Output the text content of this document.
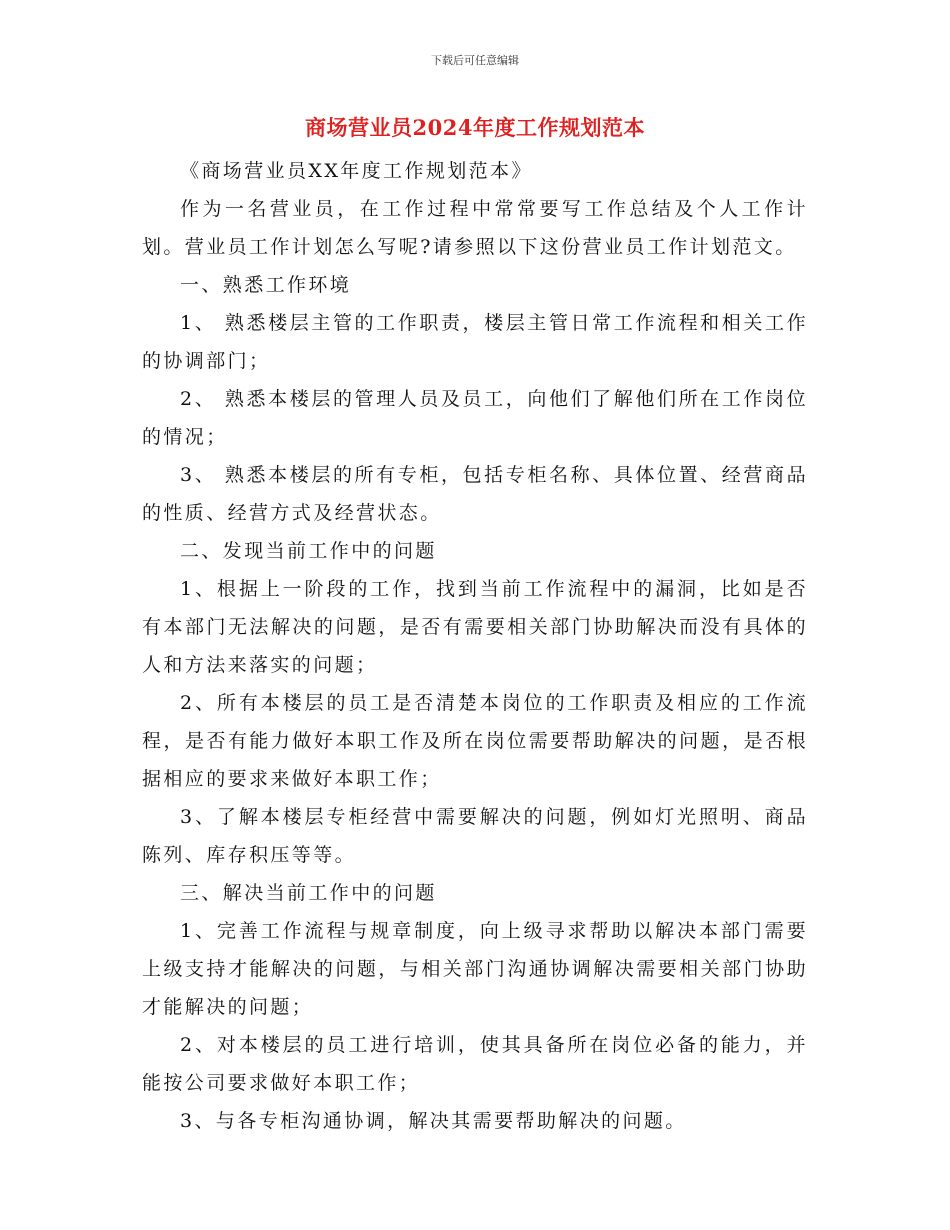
下载后可任意编辑
商场营业员2024年度工作规划范本

《商场营业员XX年度工作规划范本》

作为一名营业员，在工作过程中常常要写工作总结及个人工作计划。营业员工作计划怎么写呢?请参照以下这份营业员工作计划范文。

一、熟悉工作环境

1、 熟悉楼层主管的工作职责，楼层主管日常工作流程和相关工作的协调部门；

2、 熟悉本楼层的管理人员及员工，向他们了解他们所在工作岗位的情况；

3、 熟悉本楼层的所有专柜，包括专柜名称、具体位置、经营商品的性质、经营方式及经营状态。

二、发现当前工作中的问题

1、根据上一阶段的工作，找到当前工作流程中的漏洞，比如是否有本部门无法解决的问题，是否有需要相关部门协助解决而没有具体的人和方法来落实的问题；

2、所有本楼层的员工是否清楚本岗位的工作职责及相应的工作流程，是否有能力做好本职工作及所在岗位需要帮助解决的问题，是否根据相应的要求来做好本职工作；

3、了解本楼层专柜经营中需要解决的问题，例如灯光照明、商品陈列、库存积压等等。

三、解决当前工作中的问题

1、完善工作流程与规章制度，向上级寻求帮助以解决本部门需要上级支持才能解决的问题，与相关部门沟通协调解决需要相关部门协助才能解决的问题；

2、对本楼层的员工进行培训，使其具备所在岗位必备的能力，并能按公司要求做好本职工作；

3、与各专柜沟通协调，解决其需要帮助解决的问题。
